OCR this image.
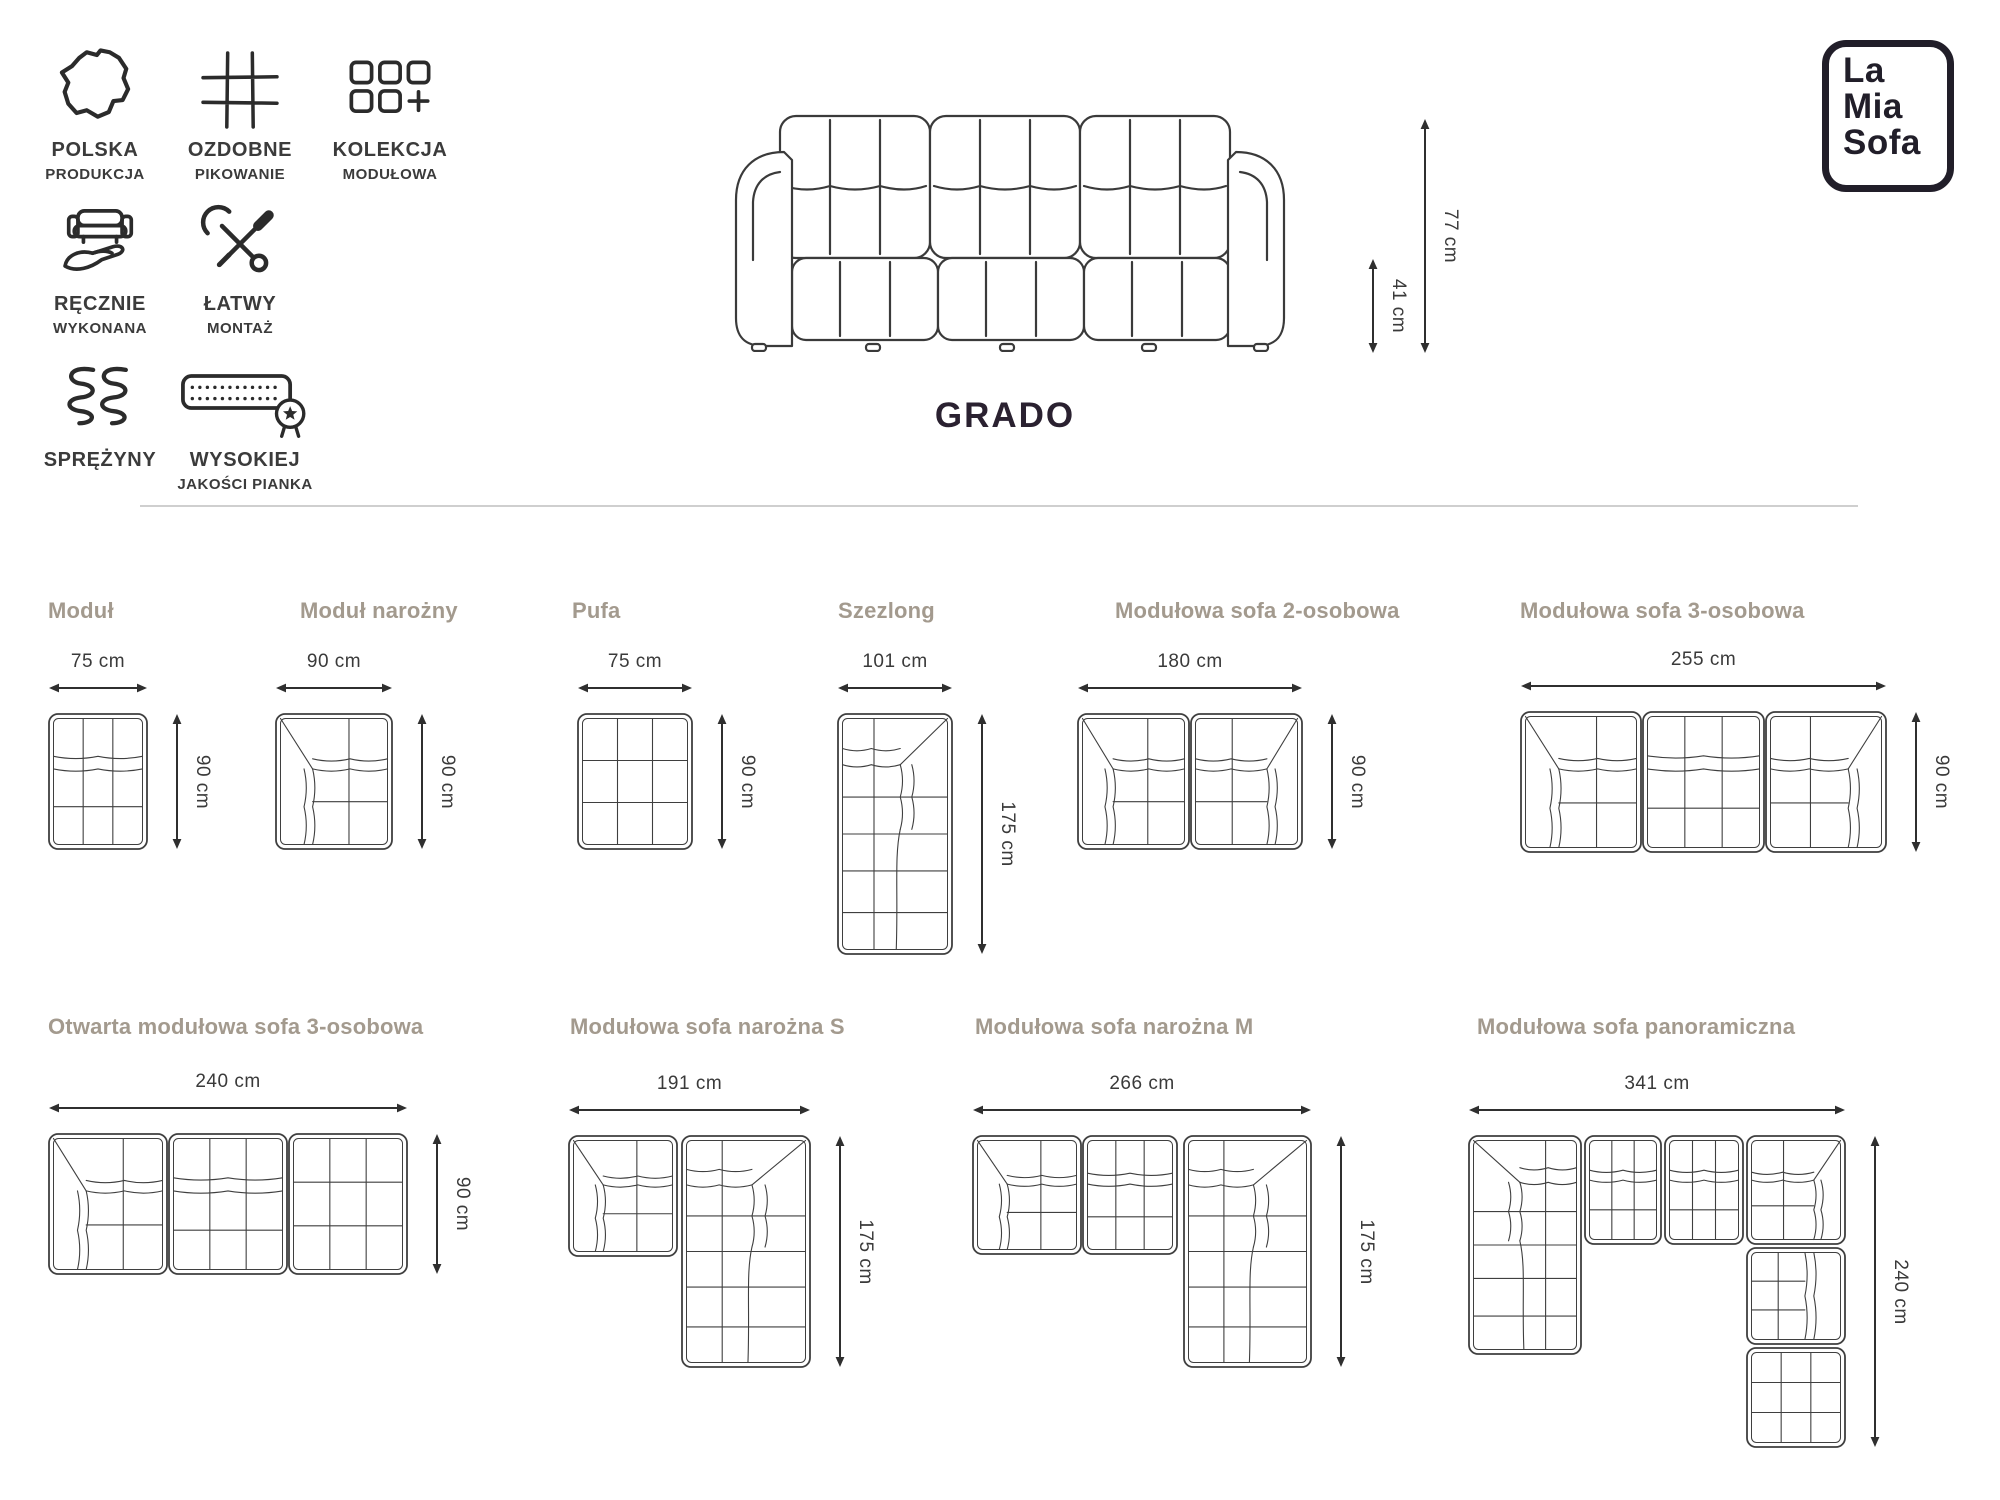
POLSKA
PRODUKCJA
OZDOBNE
PIKOWANIE
KOLEKCJA
MODUŁOWA
RĘCZNIE
WYKONANA
ŁATWY
MONTAŻ
SPRĘŻYNY	WYSOKIEJ
JAKOŚCI PIANKA
41 cm
77 cm
GRADO
La
Mia
Sofa
Moduł
75 cm
90 cm
Moduł narożny
90 cm
90 cm
Pufa
75 cm
90 cm
Szezlong
101 cm
175 cm
Modułowa sofa 2-osobowa
180 cm
90 cm
Modułowa sofa 3-osobowa
255 cm
90 cm
Otwarta modułowa sofa 3-osobowa
240 cm
90 cm
Modułowa sofa narożna S
191 cm
175 cm
Modułowa sofa narożna M
266 cm
175 cm
Modułowa sofa panoramiczna
341 cm
240 cm
